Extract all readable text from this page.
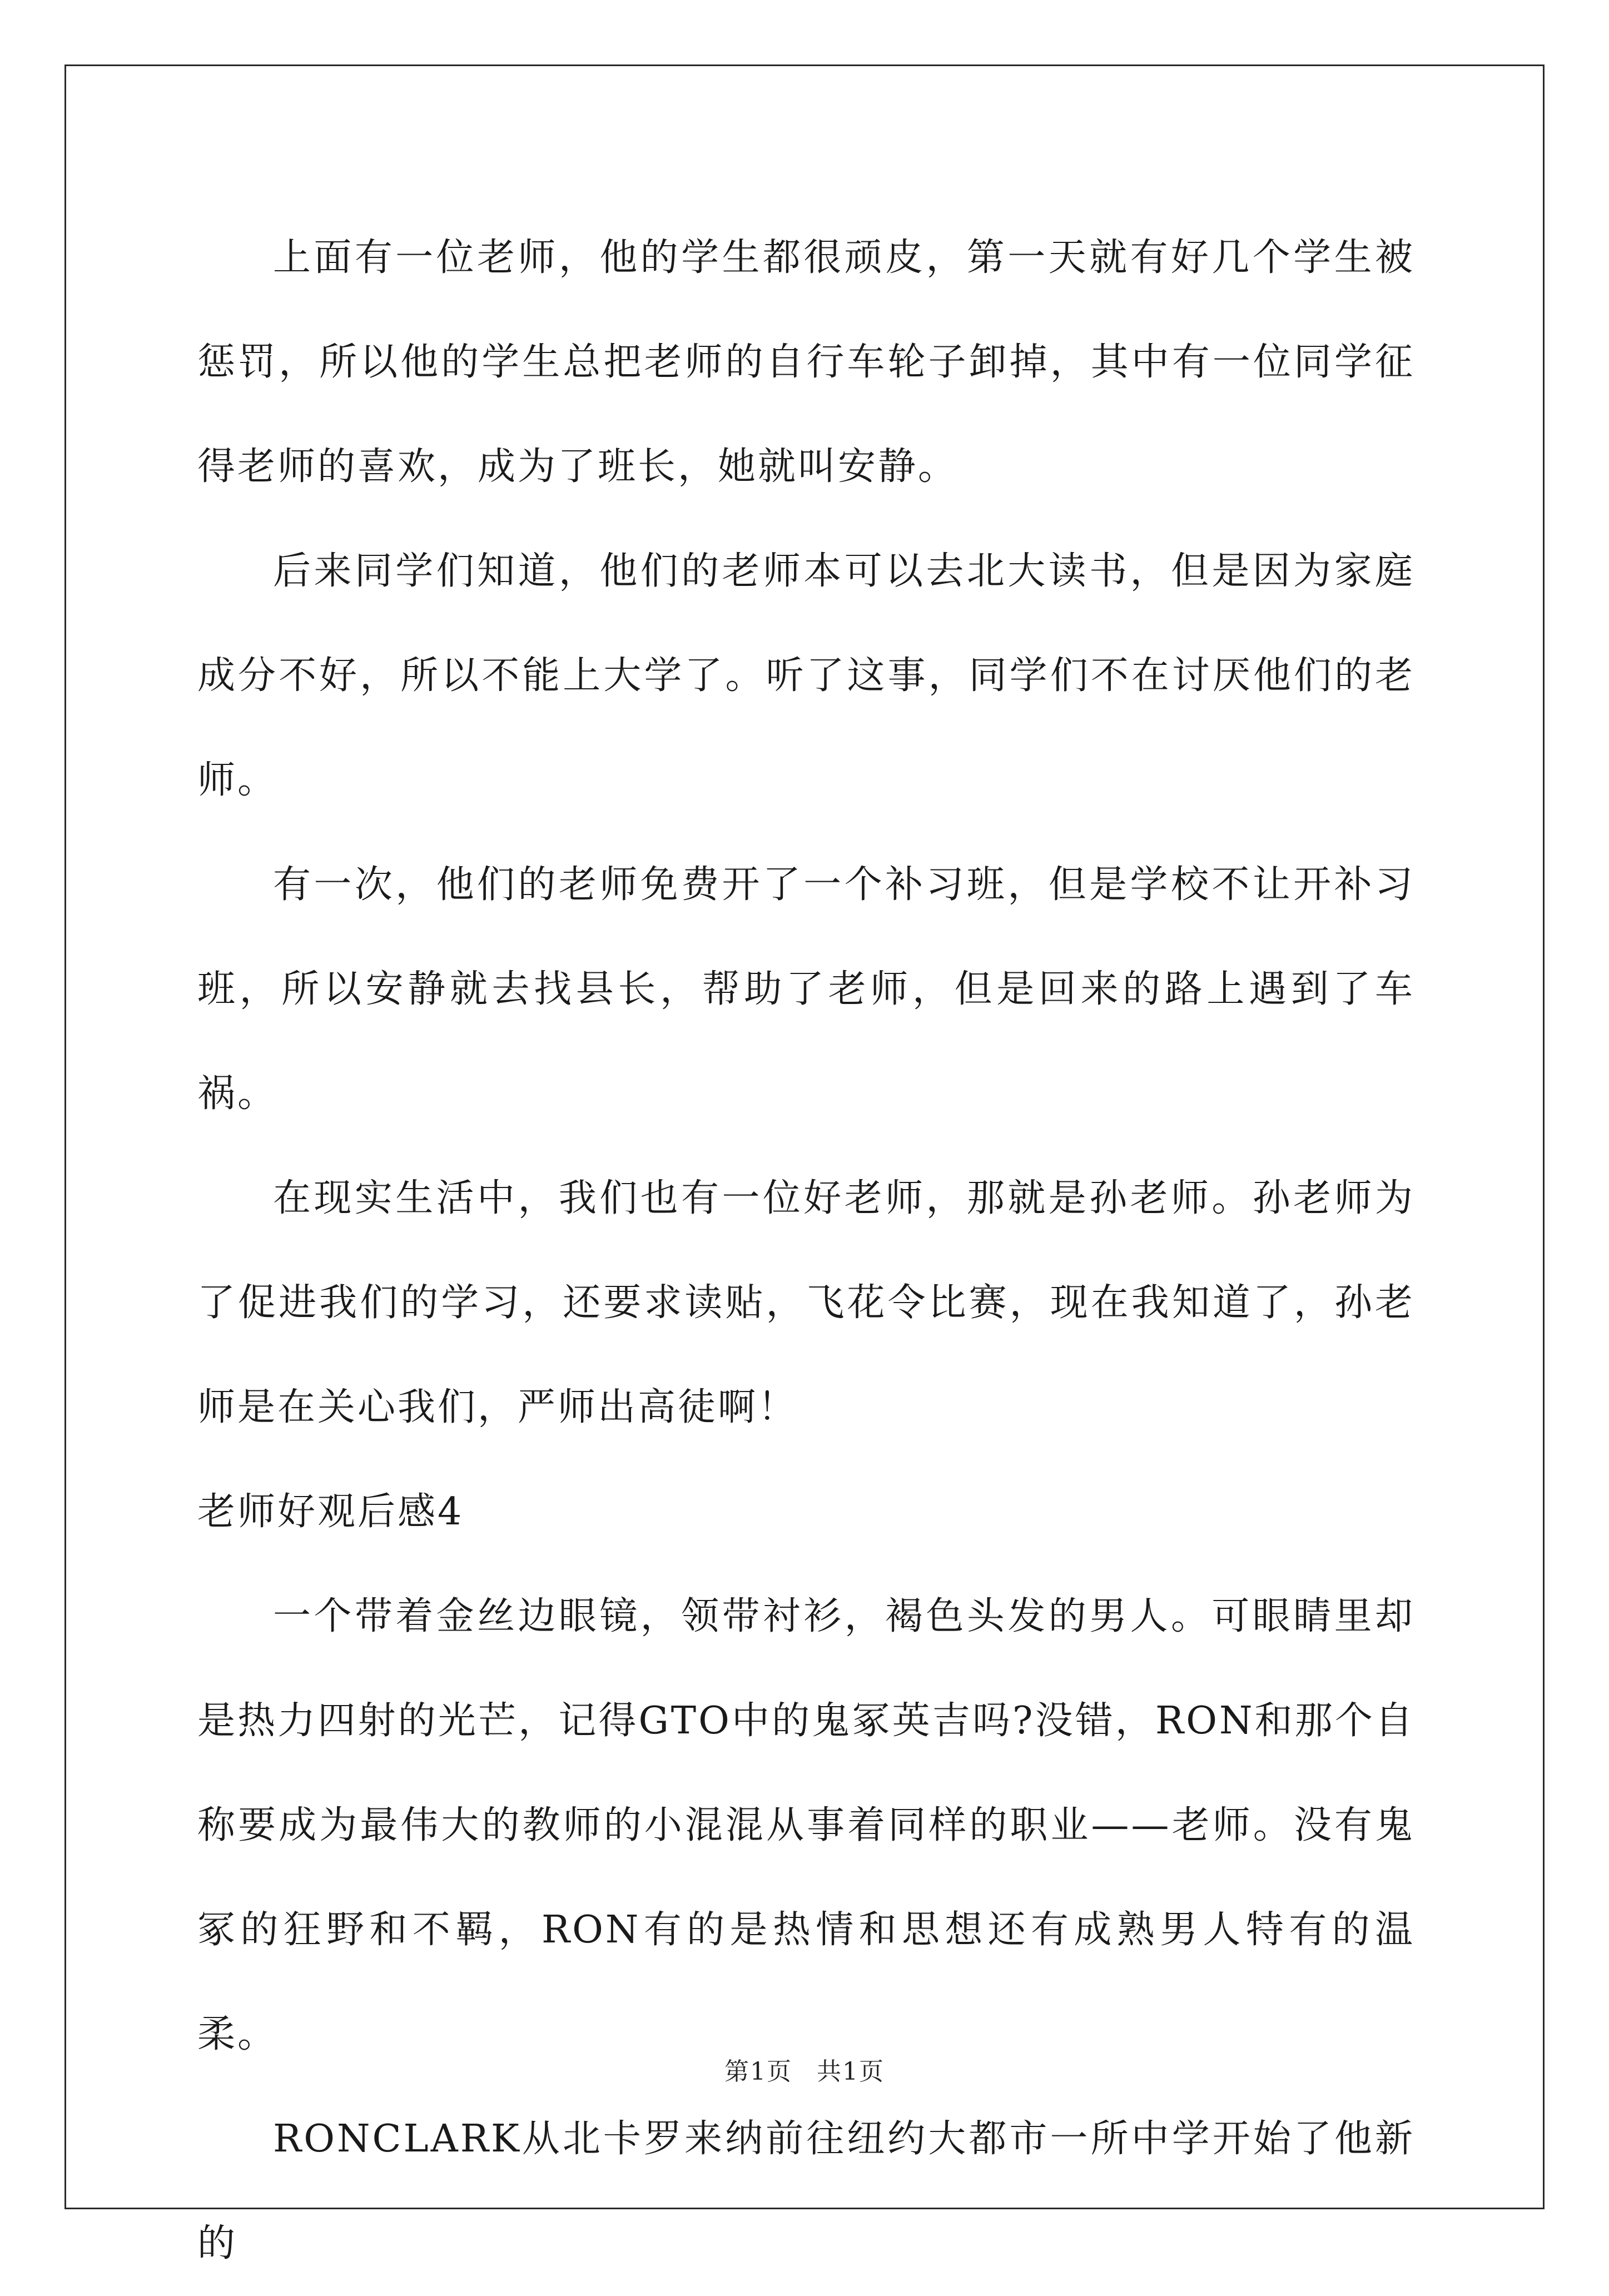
上面有一位老师，他的学生都很顽皮，第一天就有好几个学生被惩罚，所以他的学生总把老师的自行车轮子卸掉，其中有一位同学征得老师的喜欢，成为了班长，她就叫安静。

后来同学们知道，他们的老师本可以去北大读书，但是因为家庭成分不好，所以不能上大学了。听了这事，同学们不在讨厌他们的老师。

有一次，他们的老师免费开了一个补习班，但是学校不让开补习班，所以安静就去找县长，帮助了老师，但是回来的路上遇到了车祸。

在现实生活中，我们也有一位好老师，那就是孙老师。孙老师为了促进我们的学习，还要求读贴，飞花令比赛，现在我知道了，孙老师是在关心我们，严师出高徒啊！

老师好观后感4

一个带着金丝边眼镜，领带衬衫，褐色头发的男人。可眼睛里却是热力四射的光芒，记得GTO中的鬼冢英吉吗?没错，RON和那个自称要成为最伟大的教师的小混混从事着同样的职业——老师。没有鬼冢的狂野和不羁，RON有的是热情和思想还有成熟男人特有的温柔。

RONCLARK从北卡罗来纳前往纽约大都市一所中学开始了他新的

第1页 共1页
